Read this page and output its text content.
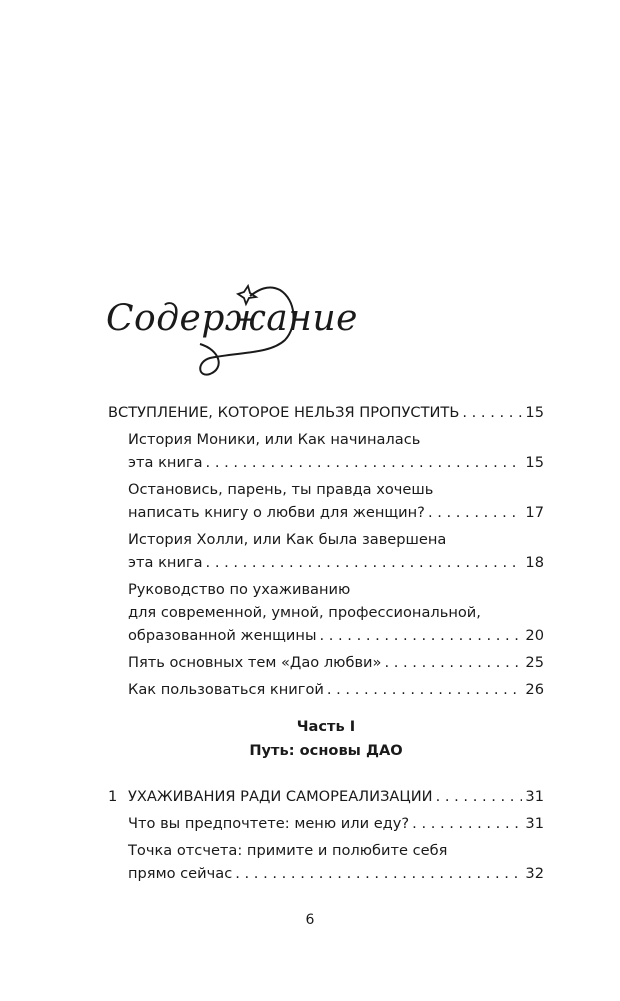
Содержание
ВСТУПЛЕНИЕ, КОТОРОЕ НЕЛЬЗЯ ПРОПУСТИТЬ . . .	15
История Моники, или Как начиналась
эта книга . . .	15
Остановись, парень, ты правда хочешь
написать книгу о любви для женщин? . . .	17
История Холли, или Как была завершена
эта книга . . .	18
Руководство по ухаживанию
для современной, умной, профессиональной,
образованной женщины . . .	20
Пять основных тем «Дао любви» . . .	25
Как пользоваться книгой . . .	26
Часть I
Путь: основы ДАО
1 УХАЖИВАНИЯ РАДИ САМОРЕАЛИЗАЦИИ . . .	31
Что вы предпочтете: меню или еду? . . .	31
Точка отсчета: примите и полюбите себя
прямо сейчас . . .	32
6
